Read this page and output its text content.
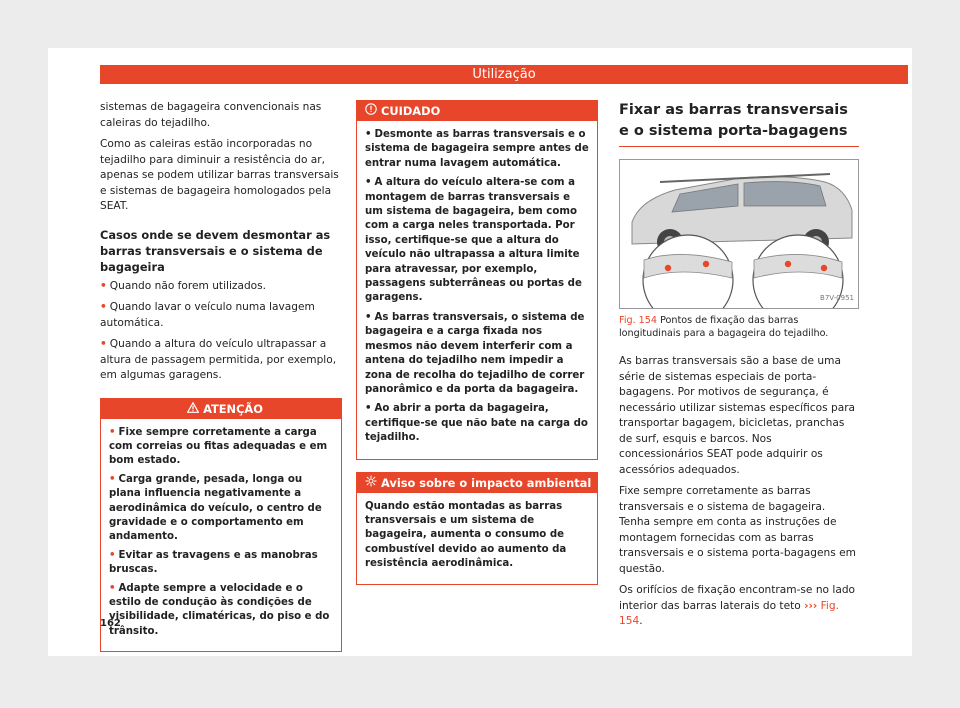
Utilização

sistemas de bagageira convencionais nas caleiras do tejadilho.

Como as caleiras estão incorporadas no tejadilho para diminuir a resistência do ar, apenas se podem utilizar barras transversais e sistemas de bagageira homologados pela SEAT.

Casos onde se devem desmontar as barras transversais e o sistema de bagageira

• Quando não forem utilizados.

• Quando lavar o veículo numa lavagem automática.

• Quando a altura do veículo ultrapassar a altura de passagem permitida, por exemplo, em algumas garagens.

ATENÇÃO

• Fixe sempre corretamente a carga com correias ou fitas adequadas e em bom estado.

• Carga grande, pesada, longa ou plana influencia negativamente a aerodinâmica do veículo, o centro de gravidade e o comportamento em andamento.

• Evitar as travagens e as manobras bruscas.

• Adapte sempre a velocidade e o estilo de condução às condições de visibilidade, climatéricas, do piso e do trânsito.

CUIDADO

• Desmonte as barras transversais e o sistema de bagageira sempre antes de entrar numa lavagem automática.

• A altura do veículo altera-se com a montagem de barras transversais e um sistema de bagageira, bem como com a carga neles transportada. Por isso, certifique-se que a altura do veículo não ultrapassa a altura limite para atravessar, por exemplo, passagens subterrâneas ou portas de garagens.

• As barras transversais, o sistema de bagageira e a carga fixada nos mesmos não devem interferir com a antena do tejadilho nem impedir a zona de recolha do tejadilho de correr panorâmico e da porta da bagageira.

• Ao abrir a porta da bagageira, certifique-se que não bate na carga do tejadilho.

Aviso sobre o impacto ambiental

Quando estão montadas as barras transversais e um sistema de bagageira, aumenta o consumo de combustível devido ao aumento da resistência aerodinâmica.

Fixar as barras transversais e o sistema porta-bagagens
B7V-0951
Fig. 154 Pontos de fixação das barras longitudinais para a bagageira do tejadilho.

As barras transversais são a base de uma série de sistemas especiais de porta-bagagens. Por motivos de segurança, é necessário utilizar sistemas específicos para transportar bagagem, bicicletas, pranchas de surf, esquis e barcos. Nos concessionários SEAT pode adquirir os acessórios adequados.

Fixe sempre corretamente as barras transversais e o sistema de bagageira. Tenha sempre em conta as instruções de montagem fornecidas com as barras transversais e o sistema porta-bagagens em questão.

Os orifícios de fixação encontram-se no lado interior das barras laterais do teto ››› Fig. 154.

162
